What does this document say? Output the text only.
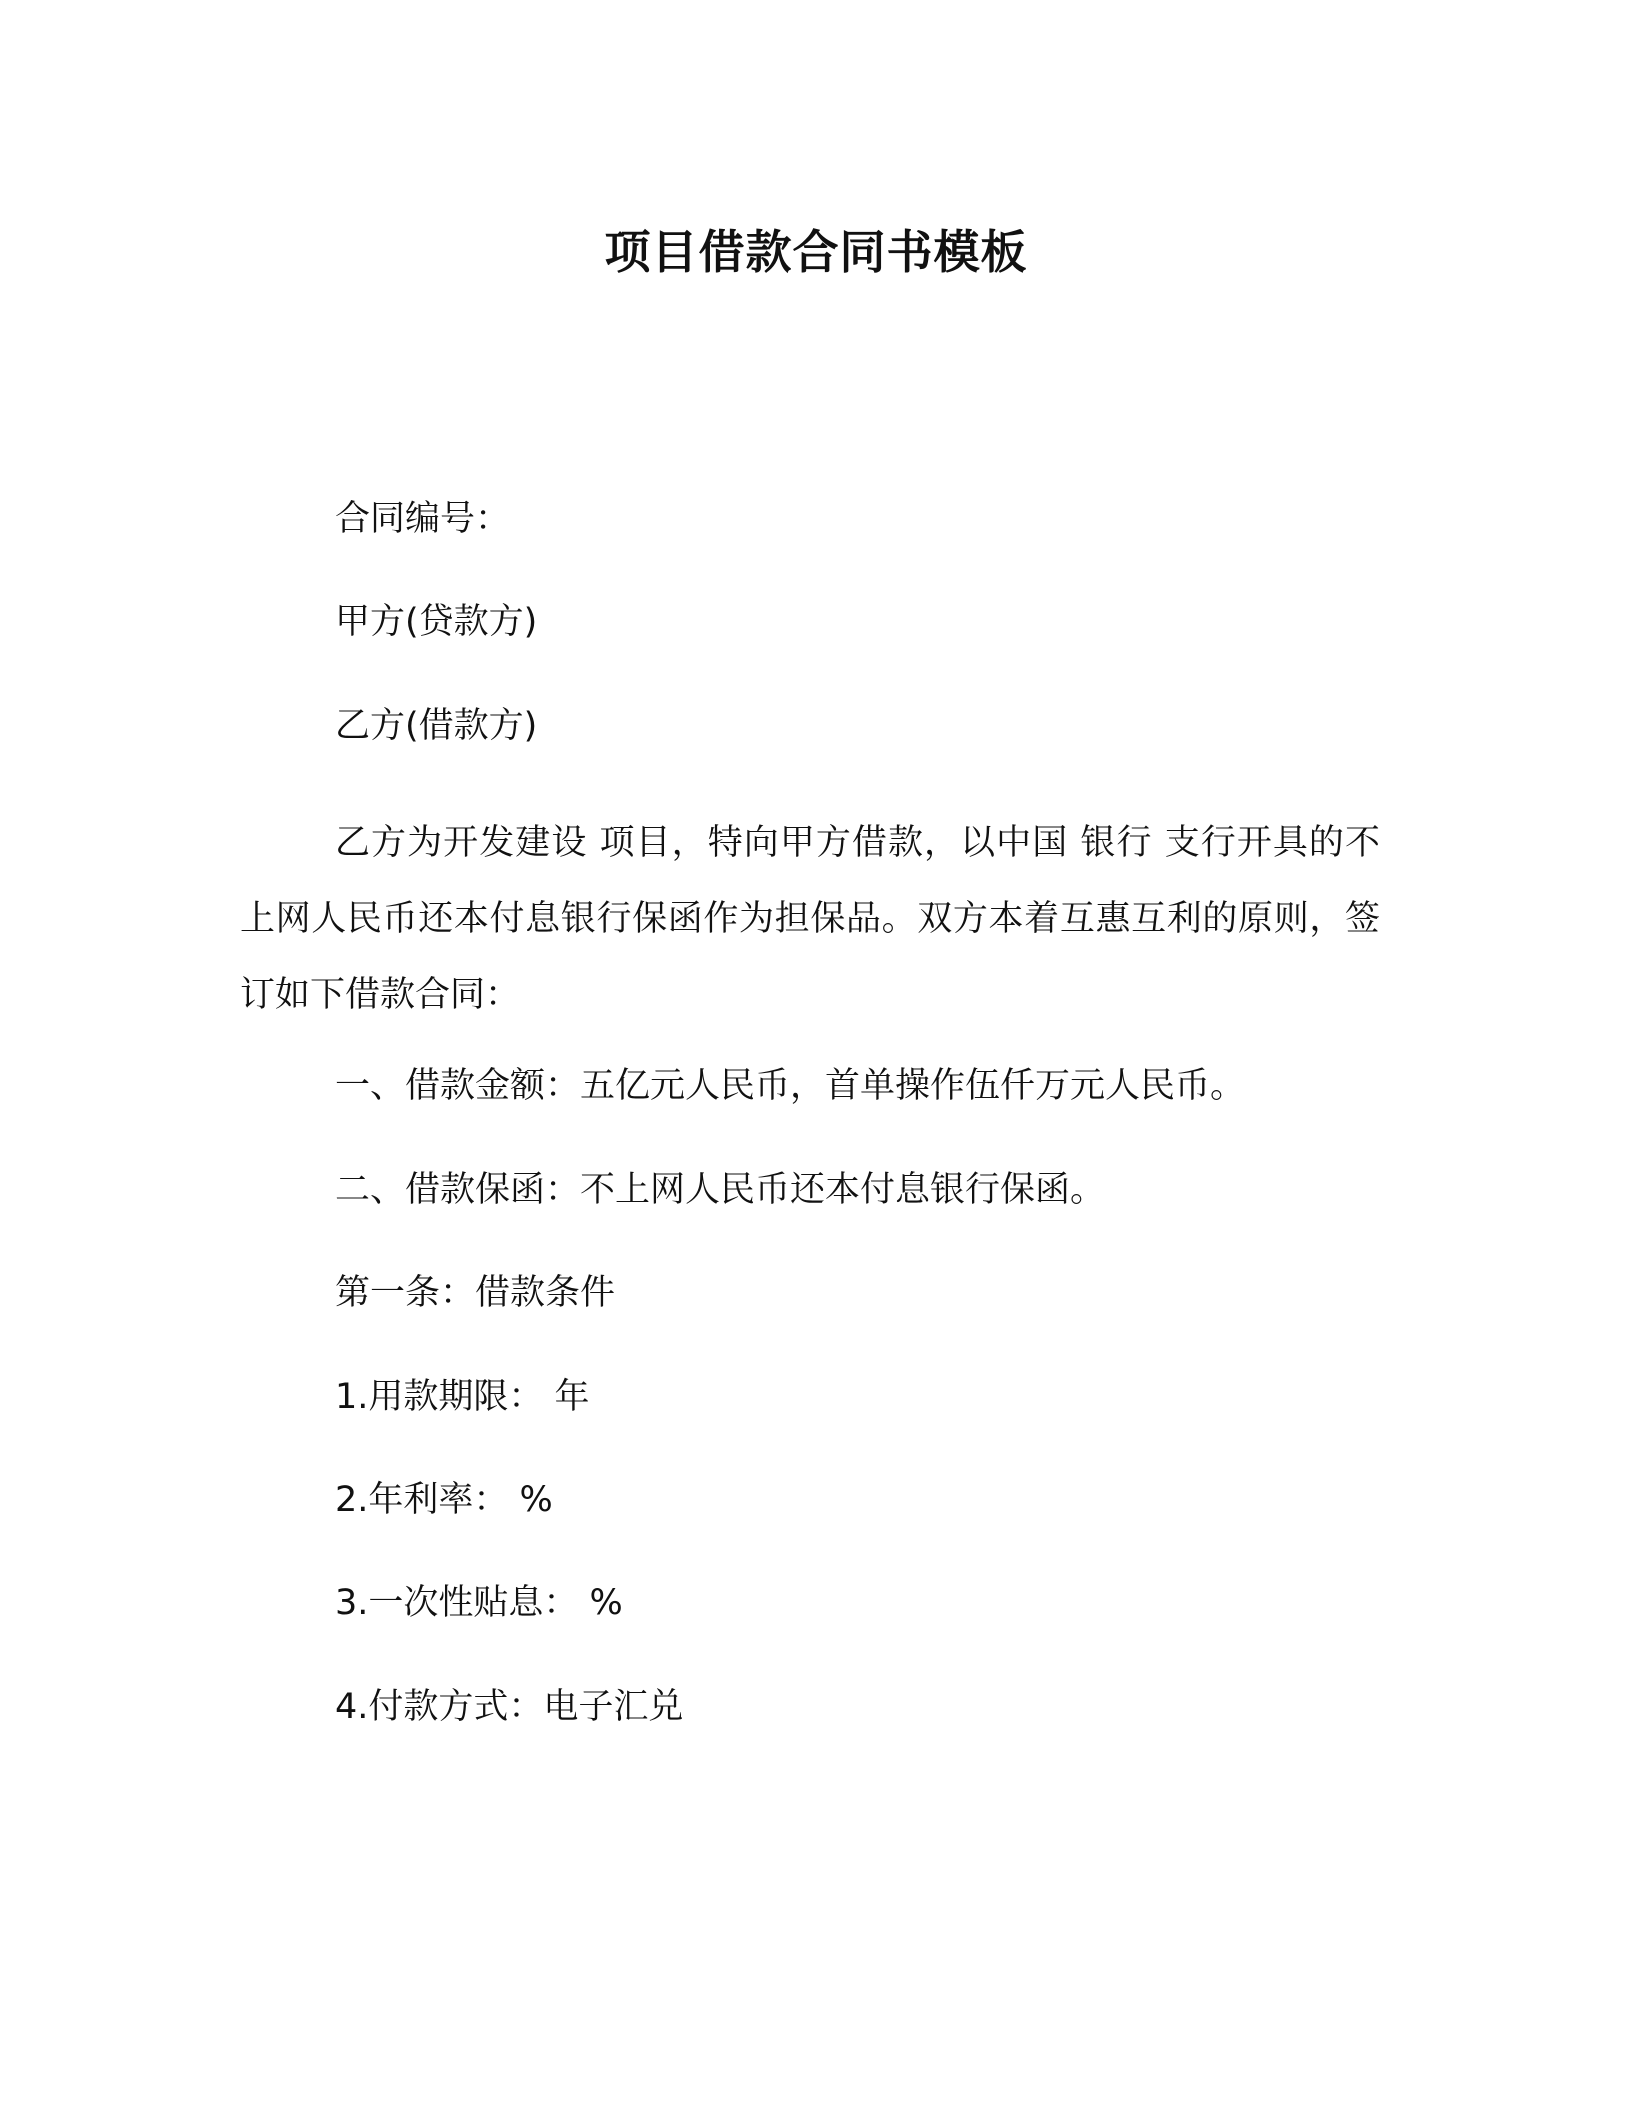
项目借款合同书模板

合同编号：

甲方(贷款方)

乙方(借款方)

乙方为开发建设 项目，特向甲方借款，以中国 银行 支行开具的不上网人民币还本付息银行保函作为担保品。双方本着互惠互利的原则，签订如下借款合同：

一、借款金额：五亿元人民币，首单操作伍仟万元人民币。

二、借款保函：不上网人民币还本付息银行保函。

第一条：借款条件

1.用款期限： 年

2.年利率： %

3.一次性贴息： %

4.付款方式：电子汇兑
